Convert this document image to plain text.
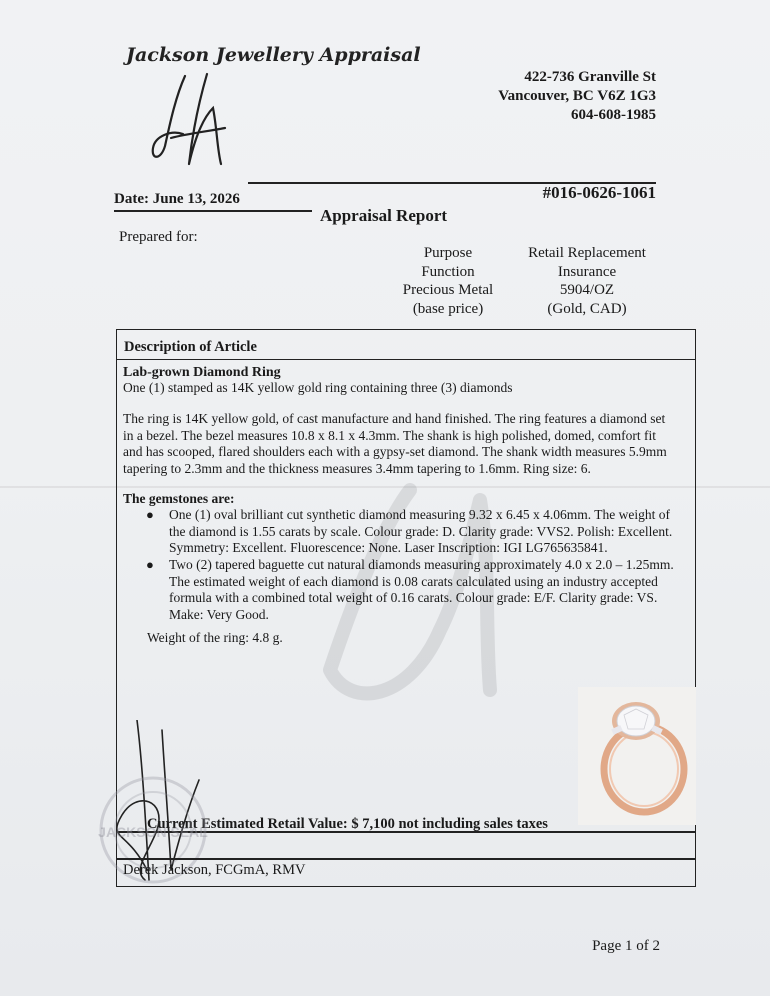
Jackson Jewellery Appraisal
422-736 Granville St
Vancouver, BC V6Z 1G3
604-608-1985
Date: June 13, 2026	#016-0626-1061
Appraisal Report
Prepared for:
Purpose
Function
Precious Metal
(base price)
Retail Replacement
Insurance
5904/OZ
(Gold, CAD)
Description of Article
Lab-grown Diamond Ring
One (1) stamped as 14K yellow gold ring containing three (3) diamonds
The ring is 14K yellow gold, of cast manufacture and hand finished. The ring features a diamond set
in a bezel. The bezel measures 10.8 x 8.1 x 4.3mm. The shank is high polished, domed, comfort fit
and has scooped, flared shoulders each with a gypsy-set diamond. The shank width measures 5.9mm
tapering to 2.3mm and the thickness measures 3.4mm tapering to 1.6mm. Ring size: 6.
The gemstones are:
● One (1) oval brilliant cut synthetic diamond measuring 9.32 x 6.45 x 4.06mm. The weight of
the diamond is 1.55 carats by scale. Colour grade: D. Clarity grade: VVS2. Polish: Excellent.
Symmetry: Excellent. Fluorescence: None. Laser Inscription: IGI LG765635841.
● Two (2) tapered baguette cut natural diamonds measuring approximately 4.0 x 2.0 – 1.25mm.
The estimated weight of each diamond is 0.08 carats calculated using an industry accepted
formula with a combined total weight of 0.16 carats. Colour grade: E/F. Clarity grade: VS.
Make: Very Good.
Weight of the ring: 4.8 g.
Current Estimated Retail Value: $ 7,100 not including sales taxes
JACKSON SEAL
Derek Jackson, FCGmA, RMV
Page 1 of 2
